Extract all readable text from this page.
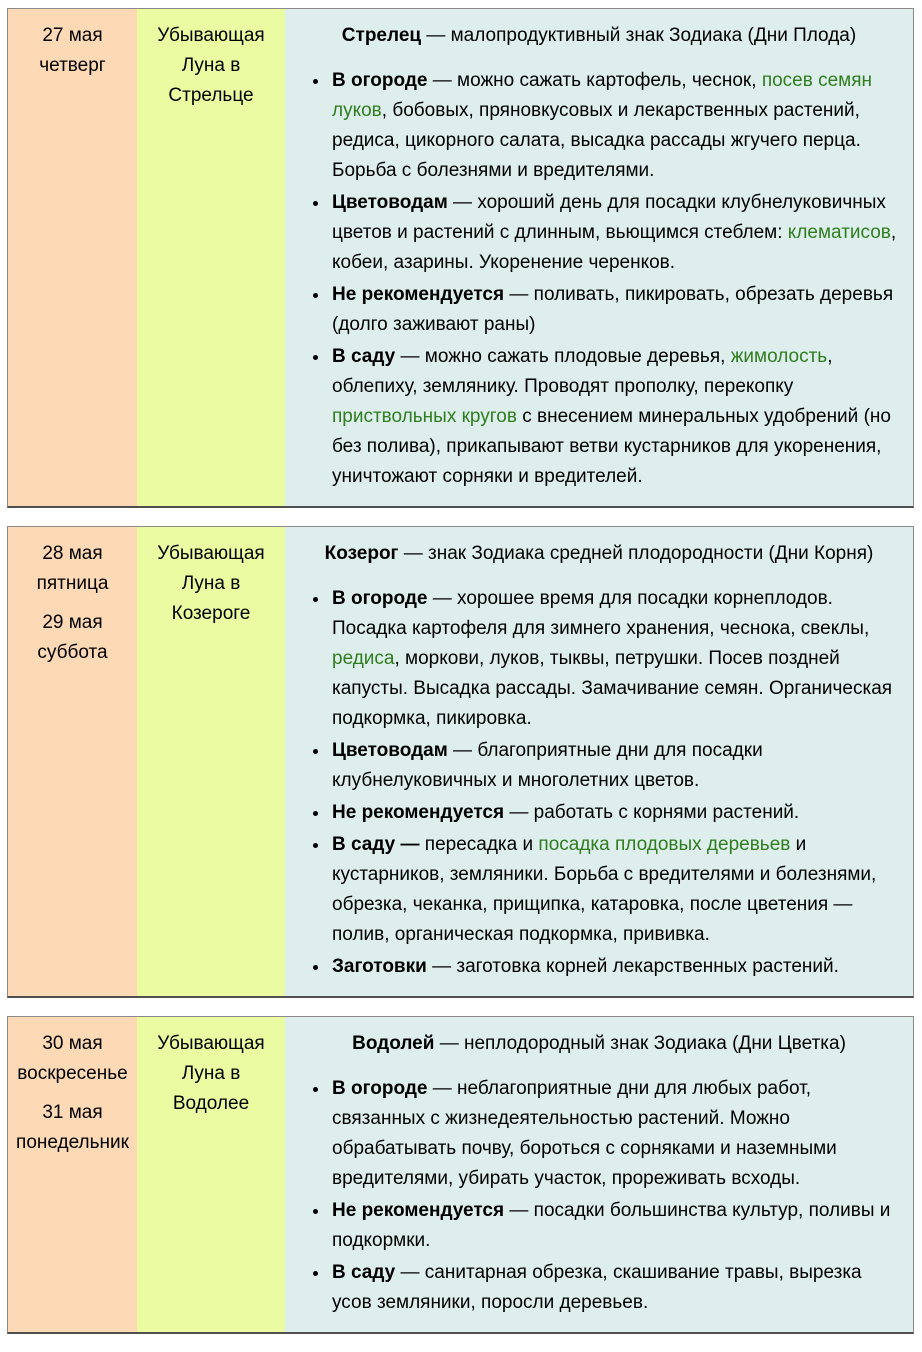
27 мая
четверг
Убывающая Луна в Стрельце

Стрелец — малопродуктивный знак Зодиака (Дни Плода)

• В огороде — можно сажать картофель, чеснок, посев семян луков, бобовых, пряновкусовых и лекарственных растений, редиса, цикорного салата, высадка рассады жгучего перца. Борьба с болезнями и вредителями.
• Цветоводам — хороший день для посадки клубнелуковичных цветов и растений с длинным, вьющимся стеблем: клематисов, кобеи, азарины. Укоренение черенков.
• Не рекомендуется — поливать, пикировать, обрезать деревья (долго заживают раны)
• В саду — можно сажать плодовые деревья, жимолость, облепиху, землянику. Проводят прополку, перекопку приствольных кругов с внесением минеральных удобрений (но без полива), прикапывают ветви кустарников для укоренения, уничтожают сорняки и вредителей.
28 мая
пятница
29 мая
суббота
Убывающая Луна в Козероге

Козерог — знак Зодиака средней плодородности (Дни Корня)

• В огороде — хорошее время для посадки корнеплодов. Посадка картофеля для зимнего хранения, чеснока, свеклы, редиса, моркови, луков, тыквы, петрушки. Посев поздней капусты. Высадка рассады. Замачивание семян. Органическая подкормка, пикировка.
• Цветоводам — благоприятные дни для посадки клубнелуковичных и многолетних цветов.
• Не рекомендуется — работать с корнями растений.
• В саду — пересадка и посадка плодовых деревьев и кустарников, земляники. Борьба с вредителями и болезнями, обрезка, чеканка, прищипка, катаровка, после цветения — полив, органическая подкормка, прививка.
• Заготовки — заготовка корней лекарственных растений.
30 мая
воскресенье
31 мая
понедельник
Убывающая Луна в Водолее

Водолей — неплодородный знак Зодиака (Дни Цветка)

• В огороде — неблагоприятные дни для любых работ, связанных с жизнедеятельностью растений. Можно обрабатывать почву, бороться с сорняками и наземными вредителями, убирать участок, прореживать всходы.
• Не рекомендуется — посадки большинства культур, поливы и подкормки.
• В саду — санитарная обрезка, скашивание травы, вырезка усов земляники, поросли деревьев.
